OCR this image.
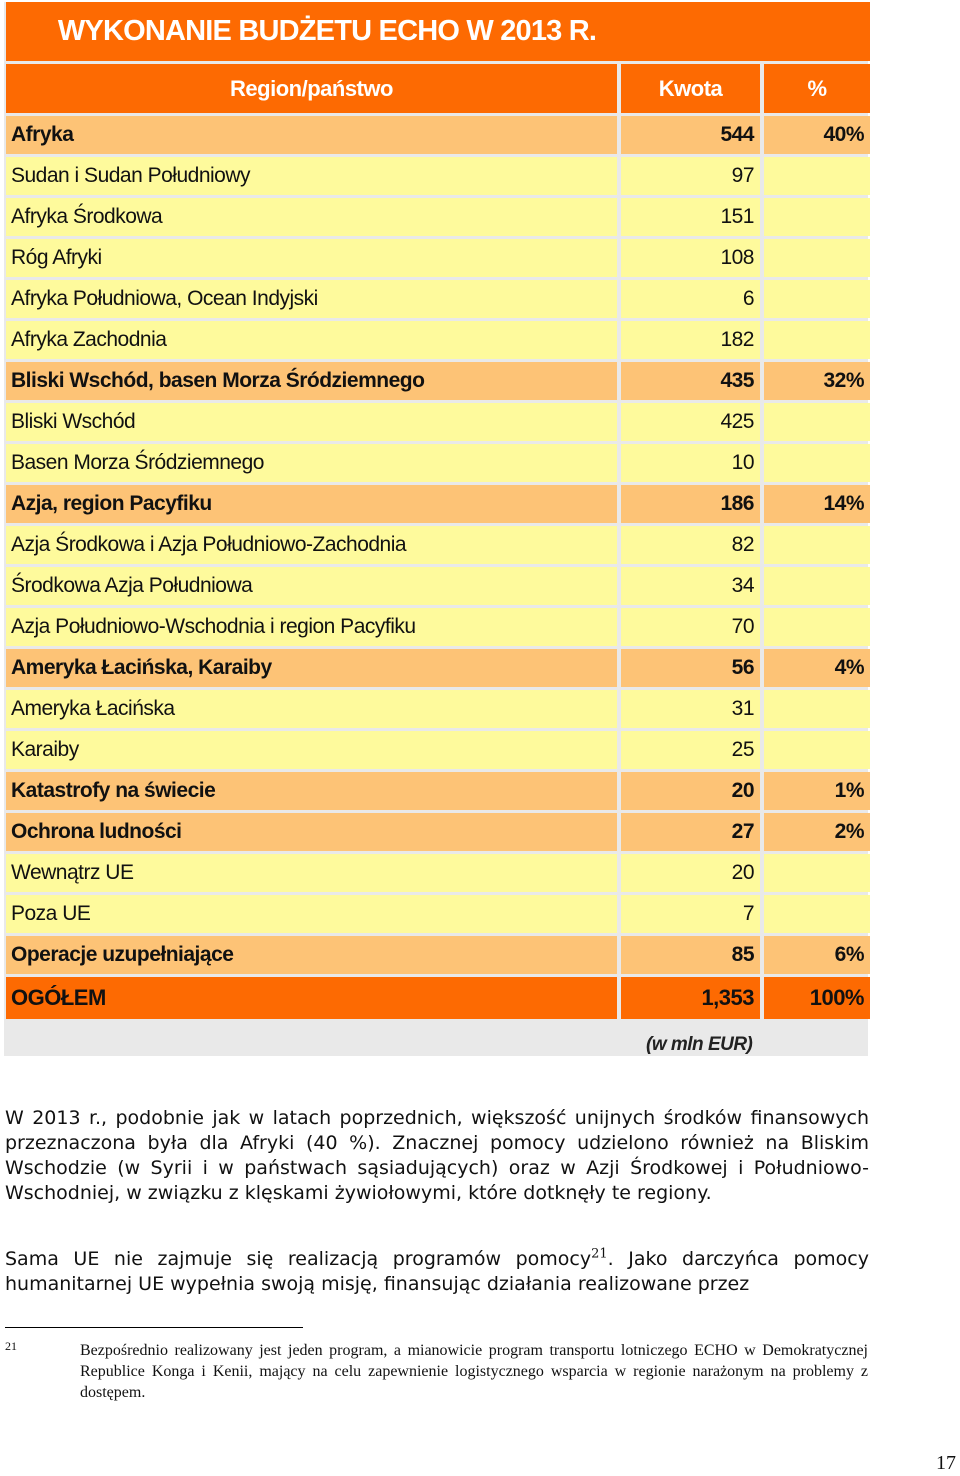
WYKONANIE BUDŻETU ECHO W 2013 R.
Region/państwo	Kwota	%
Afryka	544	40%
Sudan i Sudan Południowy	97
Afryka Środkowa	151
Róg Afryki	108
Afryka Południowa, Ocean Indyjski	6
Afryka Zachodnia	182
Bliski Wschód, basen Morza Śródziemnego	435	32%
Bliski Wschód	425
Basen Morza Śródziemnego	10
Azja, region Pacyfiku	186	14%
Azja Środkowa i Azja Południowo-Zachodnia	82
Środkowa Azja Południowa	34
Azja Południowo-Wschodnia i region Pacyfiku	70
Ameryka Łacińska, Karaiby	56	4%
Ameryka Łacińska	31
Karaiby	25
Katastrofy na świecie	20	1%
Ochrona ludności	27	2%
Wewnątrz UE	20
Poza UE	7
Operacje uzupełniające	85	6%
OGÓŁEM	1,353	100%
(w mln EUR)

W 2013 r., podobnie jak w latach poprzednich, większość unijnych środków finansowych przeznaczona była dla Afryki (40 %). Znacznej pomocy udzielono również na Bliskim Wschodzie (w Syrii i w państwach sąsiadujących) oraz w Azji Środkowej i Południowo-Wschodniej, w związku z klęskami żywiołowymi, które dotknęły te regiony.

Sama UE nie zajmuje się realizacją programów pomocy$^{21}$. Jako darczyńca pomocy humanitarnej UE wypełnia swoją misję, finansując działania realizowane przez

21	Bezpośrednio realizowany jest jeden program, a mianowicie program transportu lotniczego ECHO w Demokratycznej Republice Konga i Kenii, mający na celu zapewnienie logistycznego wsparcia w regionie narażonym na problemy z dostępem.

17
